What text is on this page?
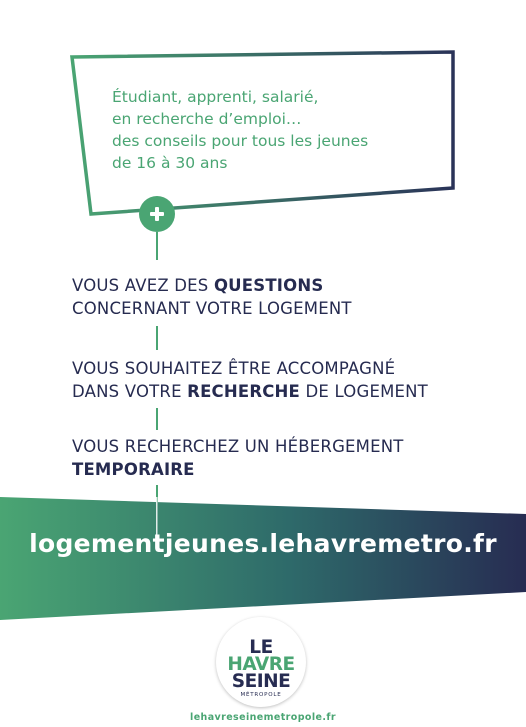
Étudiant, apprenti, salarié,
en recherche d’emploi…
des conseils pour tous les jeunes
de 16 à 30 ans
VOUS AVEZ DES QUESTIONS
CONCERNANT VOTRE LOGEMENT
VOUS SOUHAITEZ ÊTRE ACCOMPAGNÉ
DANS VOTRE RECHERCHE DE LOGEMENT
VOUS RECHERCHEZ UN HÉBERGEMENT
TEMPORAIRE
logementjeunes.lehavremetro.fr
LE
HAVRE
SEINE
MÉTROPOLE
lehavreseinemetropole.fr
